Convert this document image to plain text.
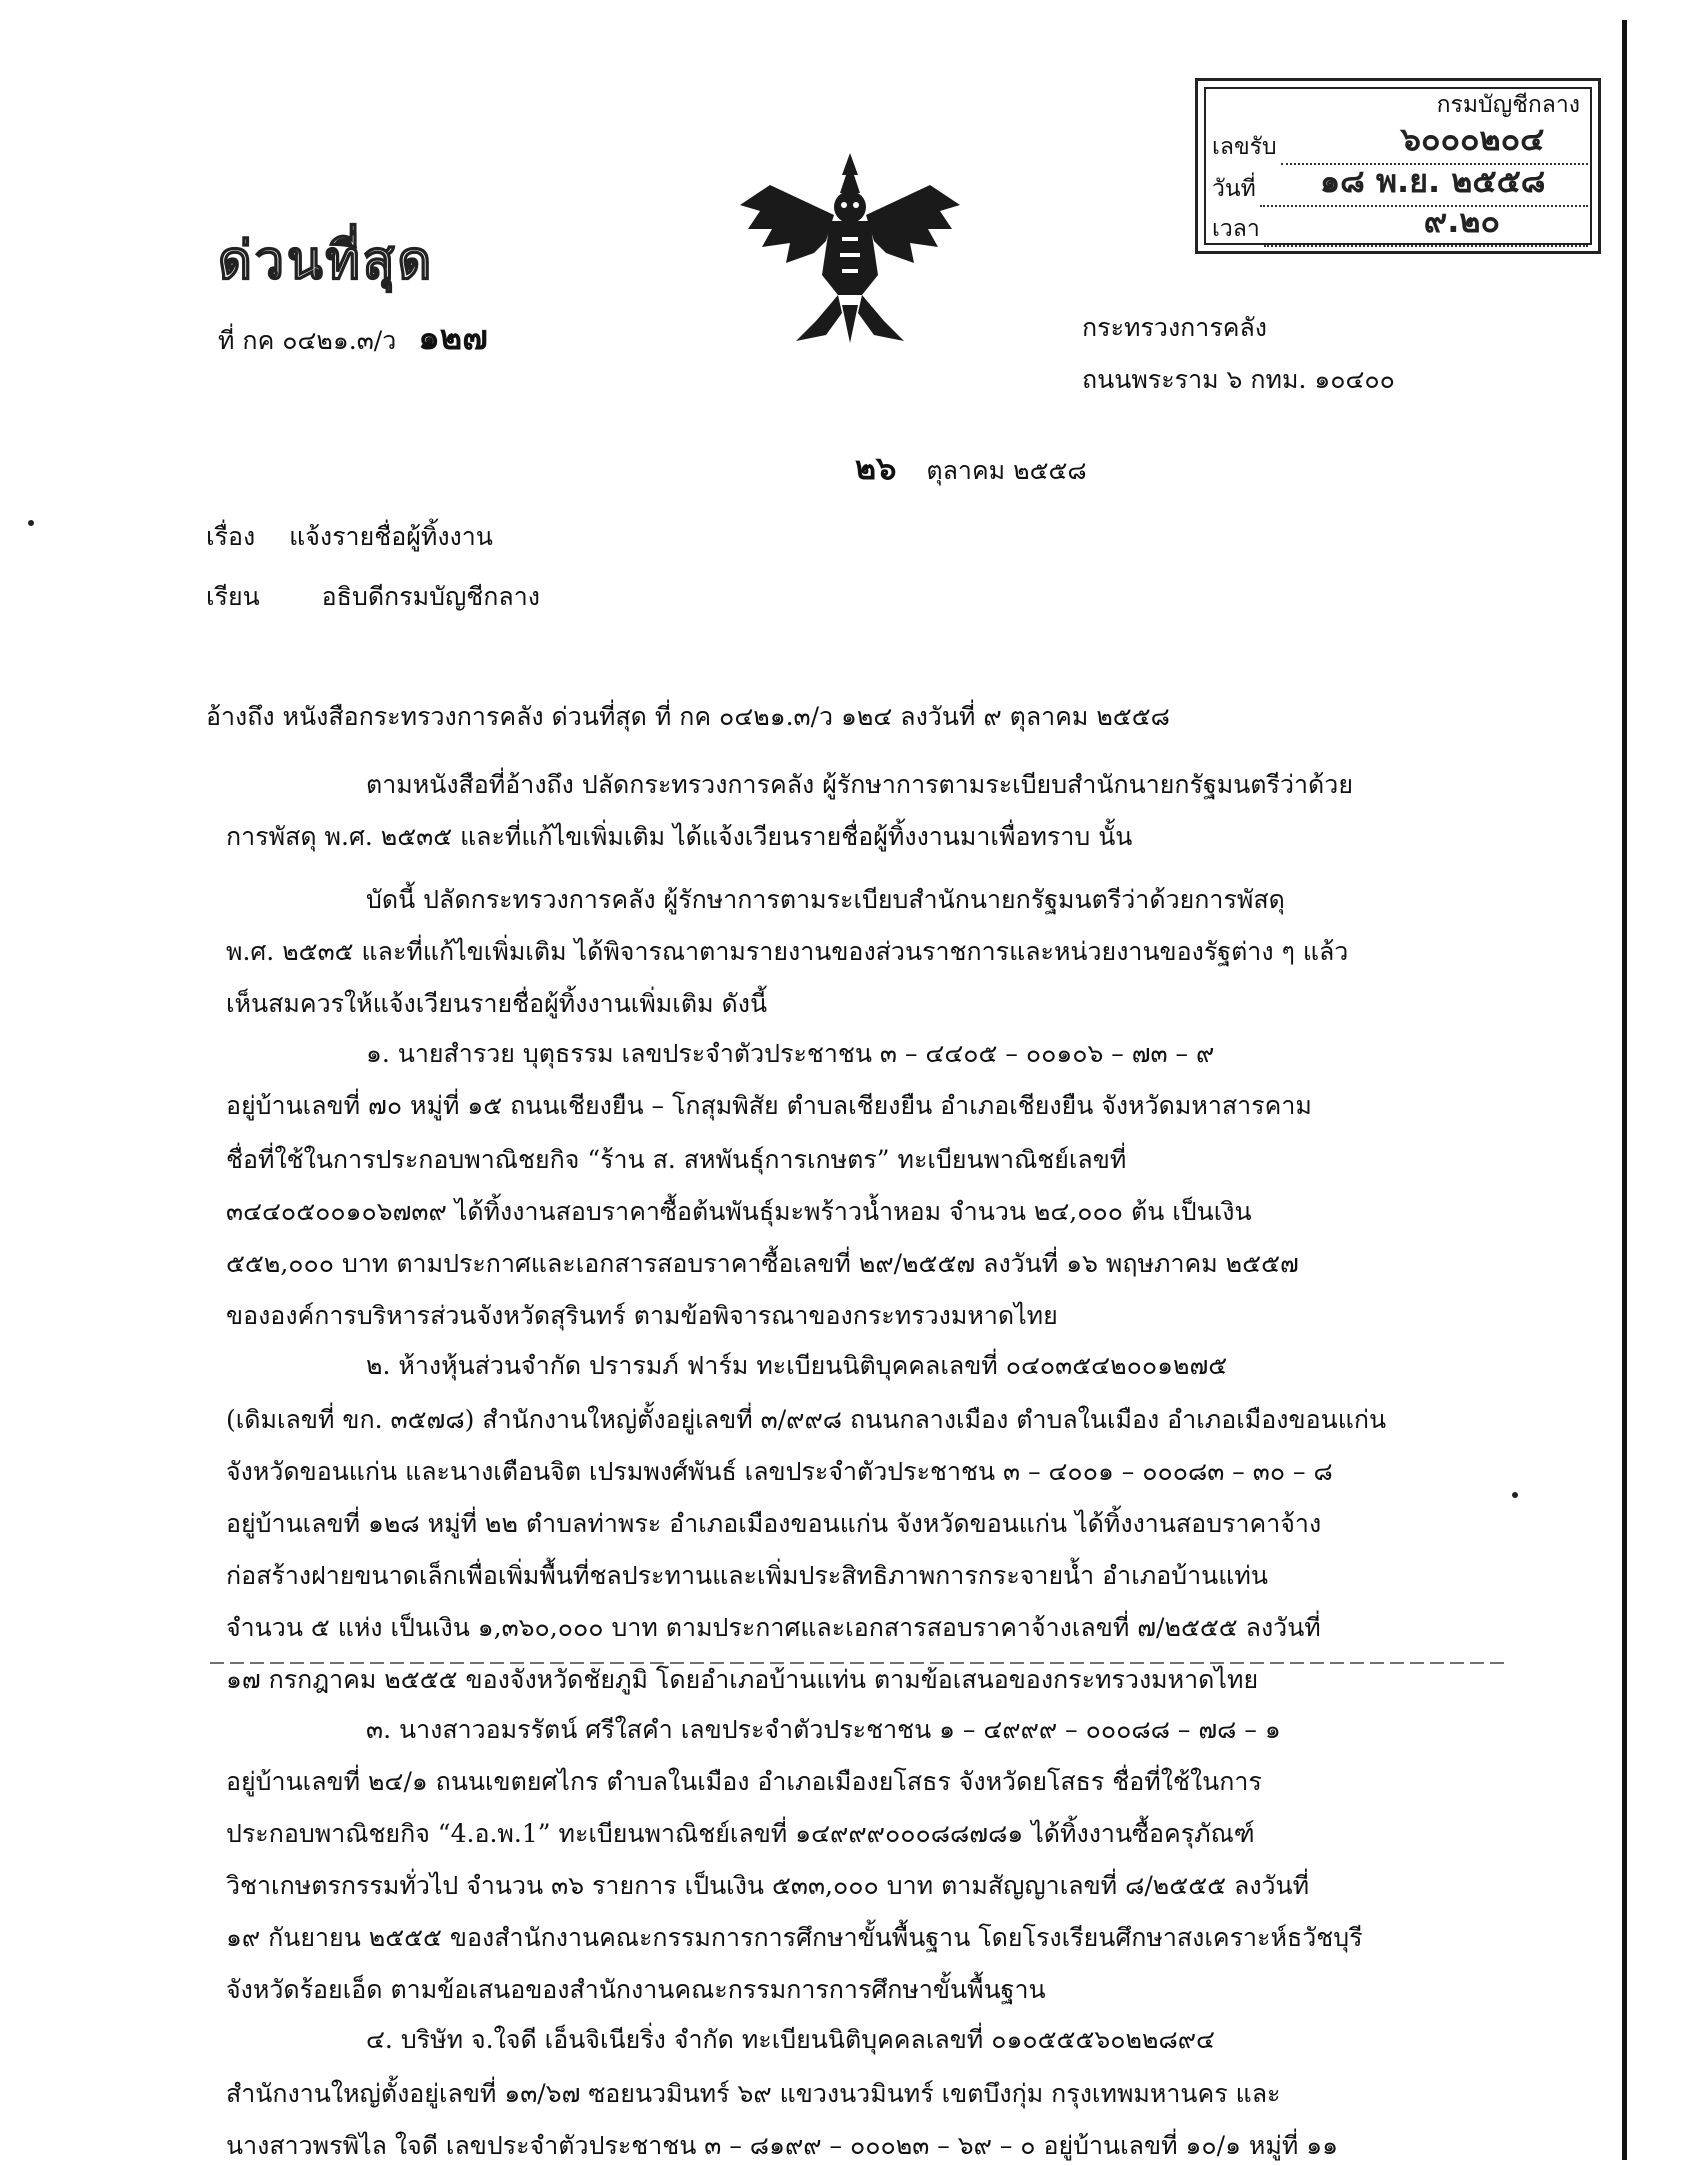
กรมบัญชีกลาง
เลขรับ	๖๐๐๐๒๐๔
วันที่ ๑๘ พ.ย. ๒๕๕๘
เวลา	๙.๒๐
ด่วนที่สุด
ที่ กค ๐๔๒๑.๓/ว ๑๒๗	กระทรวงการคลัง
ถนนพระราม ๖ กทม. ๑๐๔๐๐
๒๖ ตุลาคม ๒๕๕๘
เรื่อง แจ้งรายชื่อผู้ทิ้งงาน
เรียน อธิบดีกรมบัญชีกลาง
อ้างถึง หนังสือกระทรวงการคลัง ด่วนที่สุด ที่ กค ๐๔๒๑.๓/ว ๑๒๔ ลงวันที่ ๙ ตุลาคม ๒๕๕๘
ตามหนังสือที่อ้างถึง ปลัดกระทรวงการคลัง ผู้รักษาการตามระเบียบสำนักนายกรัฐมนตรีว่าด้วย
การพัสดุ พ.ศ. ๒๕๓๕ และที่แก้ไขเพิ่มเติม ได้แจ้งเวียนรายชื่อผู้ทิ้งงานมาเพื่อทราบ นั้น
บัดนี้ ปลัดกระทรวงการคลัง ผู้รักษาการตามระเบียบสำนักนายกรัฐมนตรีว่าด้วยการพัสดุ
พ.ศ. ๒๕๓๕ และที่แก้ไขเพิ่มเติม ได้พิจารณาตามรายงานของส่วนราชการและหน่วยงานของรัฐต่าง ๆ แล้ว
เห็นสมควรให้แจ้งเวียนรายชื่อผู้ทิ้งงานเพิ่มเติม ดังนี้
๑. นายสำรวย บุตุธรรม เลขประจำตัวประชาชน ๓ – ๔๔๐๕ – ๐๐๑๐๖ – ๗๓ – ๙
อยู่บ้านเลขที่ ๗๐ หมู่ที่ ๑๕ ถนนเชียงยืน – โกสุมพิสัย ตำบลเชียงยืน อำเภอเชียงยืน จังหวัดมหาสารคาม
ชื่อที่ใช้ในการประกอบพาณิชยกิจ “ร้าน ส. สหพันธุ์การเกษตร” ทะเบียนพาณิชย์เลขที่
๓๔๔๐๕๐๐๑๐๖๗๓๙ ได้ทิ้งงานสอบราคาซื้อต้นพันธุ์มะพร้าวน้ำหอม จำนวน ๒๔,๐๐๐ ต้น เป็นเงิน
๕๕๒,๐๐๐ บาท ตามประกาศและเอกสารสอบราคาซื้อเลขที่ ๒๙/๒๕๕๗ ลงวันที่ ๑๖ พฤษภาคม ๒๕๕๗
ขององค์การบริหารส่วนจังหวัดสุรินทร์ ตามข้อพิจารณาของกระทรวงมหาดไทย
๒. ห้างหุ้นส่วนจำกัด ปรารมภ์ ฟาร์ม ทะเบียนนิติบุคคลเลขที่ ๐๔๐๓๕๔๒๐๐๑๒๗๕
(เดิมเลขที่ ขก. ๓๕๗๘) สำนักงานใหญ่ตั้งอยู่เลขที่ ๓/๙๙๘ ถนนกลางเมือง ตำบลในเมือง อำเภอเมืองขอนแก่น
จังหวัดขอนแก่น และนางเตือนจิต เปรมพงศ์พันธ์ เลขประจำตัวประชาชน ๓ – ๔๐๐๑ – ๐๐๐๘๓ – ๓๐ – ๘
อยู่บ้านเลขที่ ๑๒๘ หมู่ที่ ๒๒ ตำบลท่าพระ อำเภอเมืองขอนแก่น จังหวัดขอนแก่น ได้ทิ้งงานสอบราคาจ้าง
ก่อสร้างฝายขนาดเล็กเพื่อเพิ่มพื้นที่ชลประทานและเพิ่มประสิทธิภาพการกระจายน้ำ อำเภอบ้านแท่น
จำนวน ๕ แห่ง เป็นเงิน ๑,๓๖๐,๐๐๐ บาท ตามประกาศและเอกสารสอบราคาจ้างเลขที่ ๗/๒๕๕๕ ลงวันที่
๑๗ กรกฎาคม ๒๕๕๕ ของจังหวัดชัยภูมิ โดยอำเภอบ้านแท่น ตามข้อเสนอของกระทรวงมหาดไทย
๓. นางสาวอมรรัตน์ ศรีใสคำ เลขประจำตัวประชาชน ๑ – ๔๙๙๙ – ๐๐๐๘๘ – ๗๘ – ๑
อยู่บ้านเลขที่ ๒๔/๑ ถนนเขตยศไกร ตำบลในเมือง อำเภอเมืองยโสธร จังหวัดยโสธร ชื่อที่ใช้ในการ
ประกอบพาณิชยกิจ “4.อ.พ.1” ทะเบียนพาณิชย์เลขที่ ๑๔๙๙๙๐๐๐๘๘๗๘๑ ได้ทิ้งงานซื้อครุภัณฑ์
วิชาเกษตรกรรมทั่วไป จำนวน ๓๖ รายการ เป็นเงิน ๕๓๓,๐๐๐ บาท ตามสัญญาเลขที่ ๘/๒๕๕๕ ลงวันที่
๑๙ กันยายน ๒๕๕๕ ของสำนักงานคณะกรรมการการศึกษาขั้นพื้นฐาน โดยโรงเรียนศึกษาสงเคราะห์ธวัชบุรี
จังหวัดร้อยเอ็ด ตามข้อเสนอของสำนักงานคณะกรรมการการศึกษาขั้นพื้นฐาน
๔. บริษัท จ.ใจดี เอ็นจิเนียริ่ง จำกัด ทะเบียนนิติบุคคลเลขที่ ๐๑๐๕๕๕๖๐๒๒๘๙๔
สำนักงานใหญ่ตั้งอยู่เลขที่ ๑๓/๖๗ ซอยนวมินทร์ ๖๙ แขวงนวมินทร์ เขตบึงกุ่ม กรุงเทพมหานคร และ
นางสาวพรพิไล ใจดี เลขประจำตัวประชาชน ๓ – ๘๑๙๙ – ๐๐๐๒๓ – ๖๙ – ๐ อยู่บ้านเลขที่ ๑๐/๑ หมู่ที่ ๑๑
